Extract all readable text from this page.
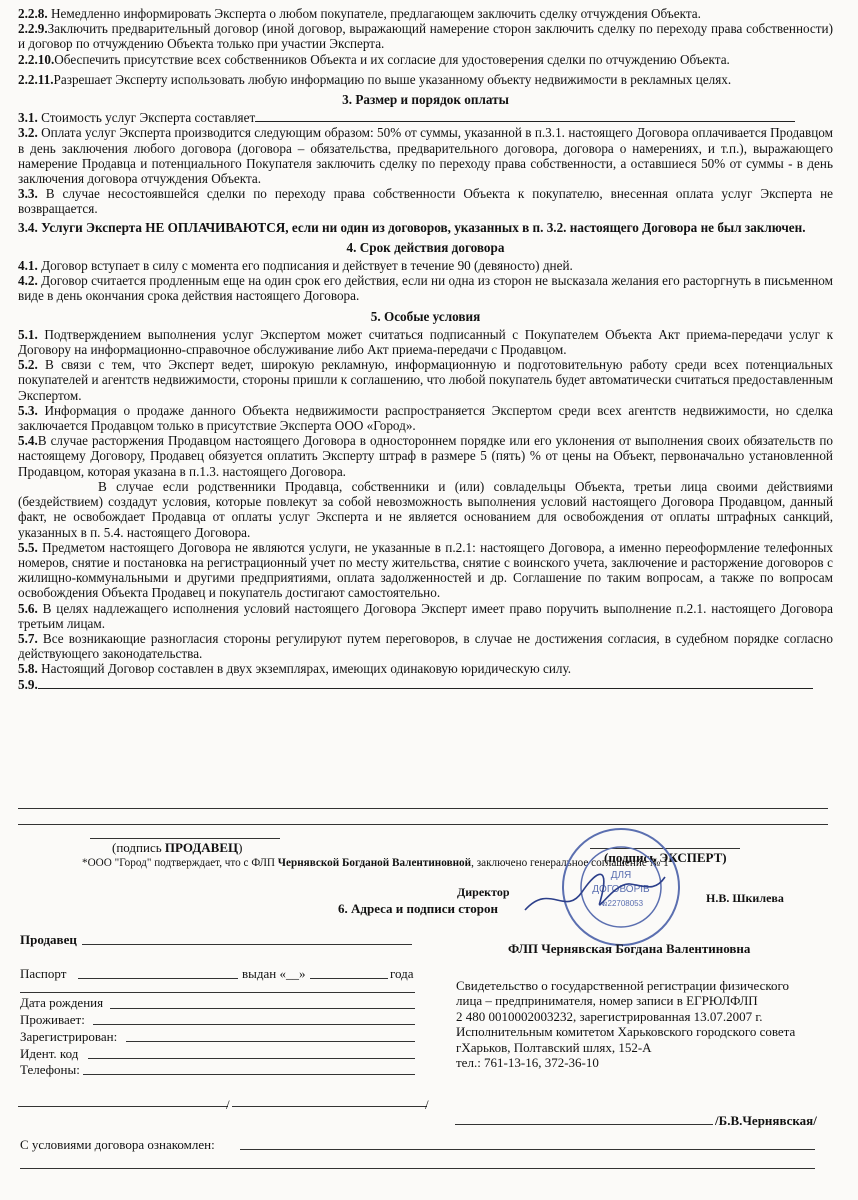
2.2.8. Немедленно информировать Эксперта о любом покупателе, предлагающем заключить сделку отчуждения Объекта.

2.2.9.Заключить предварительный договор (иной договор, выражающий намерение сторон заключить сделку по переходу права собственности) и договор по отчуждению Объекта только при участии Эксперта.

2.2.10.Обеспечить присутствие всех собственников Объекта и их согласие для удостоверения сделки по отчуждению Объекта.

2.2.11.Разрешает Эксперту использовать любую информацию по выше указанному объекту недвижимости в рекламных целях.

3. Размер и порядок оплаты

3.1. Стоимость услуг Эксперта составляет

3.2. Оплата услуг Эксперта производится следующим образом: 50% от суммы, указанной в п.3.1. настоящего Договора оплачивается Продавцом в день заключения любого договора (договора – обязательства, предварительного договора, договора о намерениях, и т.п.), выражающего намерение Продавца и потенциального Покупателя заключить сделку по переходу права собственности, а оставшиеся 50% от суммы - в день заключения договора отчуждения Объекта.

3.3. В случае несостоявшейся сделки по переходу права собственности Объекта к покупателю, внесенная оплата услуг Эксперта не возвращается.

3.4. Услуги Эксперта НЕ ОПЛАЧИВАЮТСЯ, если ни один из договоров, указанных в п. 3.2. настоящего Договора не был заключен.

4. Срок действия договора

4.1. Договор вступает в силу с момента его подписания и действует в течение 90 (девяносто) дней.

4.2. Договор считается продленным еще на один срок его действия, если ни одна из сторон не высказала желания его расторгнуть в письменном виде в день окончания срока действия настоящего Договора.

5. Особые условия

5.1. Подтверждением выполнения услуг Экспертом может считаться подписанный с Покупателем Объекта Акт приема-передачи услуг к Договору на информационно-справочное обслуживание либо Акт приема-передачи с Продавцом.

5.2. В связи с тем, что Эксперт ведет, широкую рекламную, информационную и подготовительную работу среди всех потенциальных покупателей и агентств недвижимости, стороны пришли к соглашению, что любой покупатель будет автоматически считаться предоставленным Экспертом.

5.3. Информация о продаже данного Объекта недвижимости распространяется Экспертом среди всех агентств недвижимости, но сделка заключается Продавцом только в присутствие Эксперта ООО «Город».

5.4.В случае расторжения Продавцом настоящего Договора в одностороннем порядке или его уклонения от выполнения своих обязательств по настоящему Договору, Продавец обязуется оплатить Эксперту штраф в размере 5 (пять) % от цены на Объект, первоначально установленной Продавцом, которая указана в п.1.3. настоящего Договора.

В случае если родственники Продавца, собственники и (или) совладельцы Объекта, третьи лица своими действиями (бездействием) создадут условия, которые повлекут за собой невозможность выполнения условий настоящего Договора Продавцом, данный факт, не освобождает Продавца от оплаты услуг Эксперта и не является основанием для освобождения от оплаты штрафных санкций, указанных в п. 5.4. настоящего Договора.

5.5. Предметом настоящего Договора не являются услуги, не указанные в п.2.1: настоящего Договора, а именно переоформление телефонных номеров, снятие и постановка на регистрационный учет по месту жительства, снятие с воинского учета, заключение и расторжение договоров с жилищно-коммунальными и другими предприятиями, оплата задолженностей и др. Соглашение по таким вопросам, а также по вопросам освобождения Объекта Продавец и покупатель достигают самостоятельно.

5.6. В целях надлежащего исполнения условий настоящего Договора Эксперт имеет право поручить выполнение п.2.1. настоящего Договора третьим лицам.

5.7. Все возникающие разногласия стороны регулируют путем переговоров, в случае не достижения согласия, в судебном порядке согласно действующего законодательства.

5.8. Настоящий Договор составлен в двух экземплярах, имеющих одинаковую юридическую силу.

5.9.

(подпись ПРОДАВЕЦ)
(подпись ЭКСПЕРТ)
*ООО "Город" подтверждает, что с ФЛП Чернявской Богданой Валентиновной, заключено генеральное соглашение № 1
Директор	Н.В. Шкилева
6. Адреса и подписи сторон
ДЛЯ
ДОГОВОРІВ
№22708053
Продавец
Паспорт	выдан «__»	года
Дата рождения
Проживает:
Зарегистрирован:
Идент. код
Телефоны:
/	/
ФЛП Чернявская Богдана Валентиновна
Свидетельство о государственной регистрации физического
лица – предпринимателя, номер записи в ЕГРЮЛФЛП
2 480 0010002003232, зарегистрированная 13.07.2007 г.
Исполнительным комитетом Харьковского городского совета
гХарьков, Полтавский шлях, 152-А
тел.: 761-13-16, 372-36-10
/Б.В.Чернявская/
С условиями договора ознакомлен:
